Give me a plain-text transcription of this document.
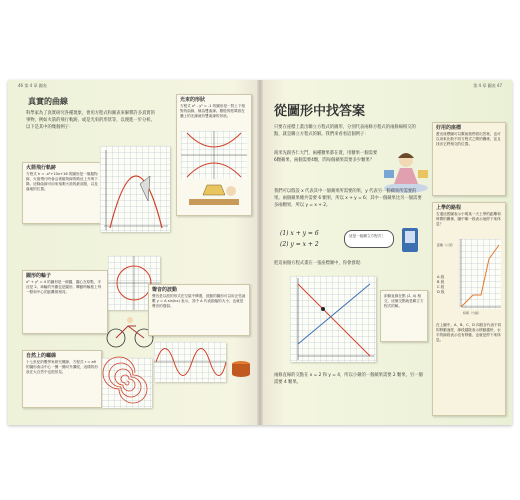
46 第 4 章 圖表
真實的曲線
科學家為了真實研究各種現象，會用方程式和圖表來解釋許多真實的事物，例如火箭的飛行軌跡，或是光束的形狀等，以便進一步分析。以下是其中的幾個例子：
火箭飛行軌跡
方程式 h = -x²+10x+16 的圖形是一個拋物線，火箭飛行時會沿著拋物線的路徑上升與下降。這條曲線可用來預測火箭的最高點，以及落地的位置。
光束的形狀
方程式 x² - y² = -1 的圖形是一對上下相對的曲線，稱為雙曲線。檯燈的燈罩照在牆上的光線就有雙曲線的形狀。
圓形的輪子
x² + y² = 4 的圖形是一個圓，圓心在原點，半徑是 2。車輪的外圍也是圓形，轉動時輪框上每一點和中心的距離都相同。	聲音的波動
聲音是以波的形式在空氣中傳遞，波動的圖形可以用正弦函數 y = A sin(kx) 表示，其中 A 代表振幅的大小，也就是聲音的強弱。
自然上的螺線
十七世紀的數學家研究螺線，方程式 r = aθ 的圖形會由中心一圈一圈向外擴展，這樣的形狀在大自然中也很常見。
第 4 章 圖表 47
從圖形中找答案
只要在座標上畫出聯立方程式的圖形，分別代表兩條方程式的兩條線相交的點，就是聯立方程式的解。我們來看看這個例子：
商米先跟杏仁大鬥，兩種糖果都在賣，用糖果一個需要6顆蘋果，兩個需要4顆，問每個蘋果需要多少顆果？
我們可以假設 x 代表其中一個蘋果所需要的果，y 代表另一個蘋果所需要的果。兩個蘋果總共需要 6 顆果，所以 x + y = 6；其中一個蘋果比另一個需要多兩顆果，所以 y = x + 2。
(1) x + y = 6
(2) y = x + 2
這是一組聯立方程式！
把這兩個方程式畫在一張座標圖中，你會發現：
兩條直線在點 (2, 4) 相交，這個交點就是聯立方程式的解。
兩條直線的交點在 x = 2 和 y = 4，所以小蘋的一個蘋果需要 2 顆果，另一個需要 4 顆果。
好用的座標
畫出座標圖可以幫助我們看出答案，也可以用來比較不同方程式之間的關係，並且找出它們相交的位置。
上學的路程
右邊這張圖表示小明某一天上學的距離和時間的關係，圖中哪一段表示他停下來休息？
距離（公里）
時間（分鐘）
A 段
B 段
C 段
D 段
在上圖中，A、B、C、D 四段各代表不同的移動速度，線段越陡表示移動越快，水平的線段表示沒有移動，也就是停下來休息。
